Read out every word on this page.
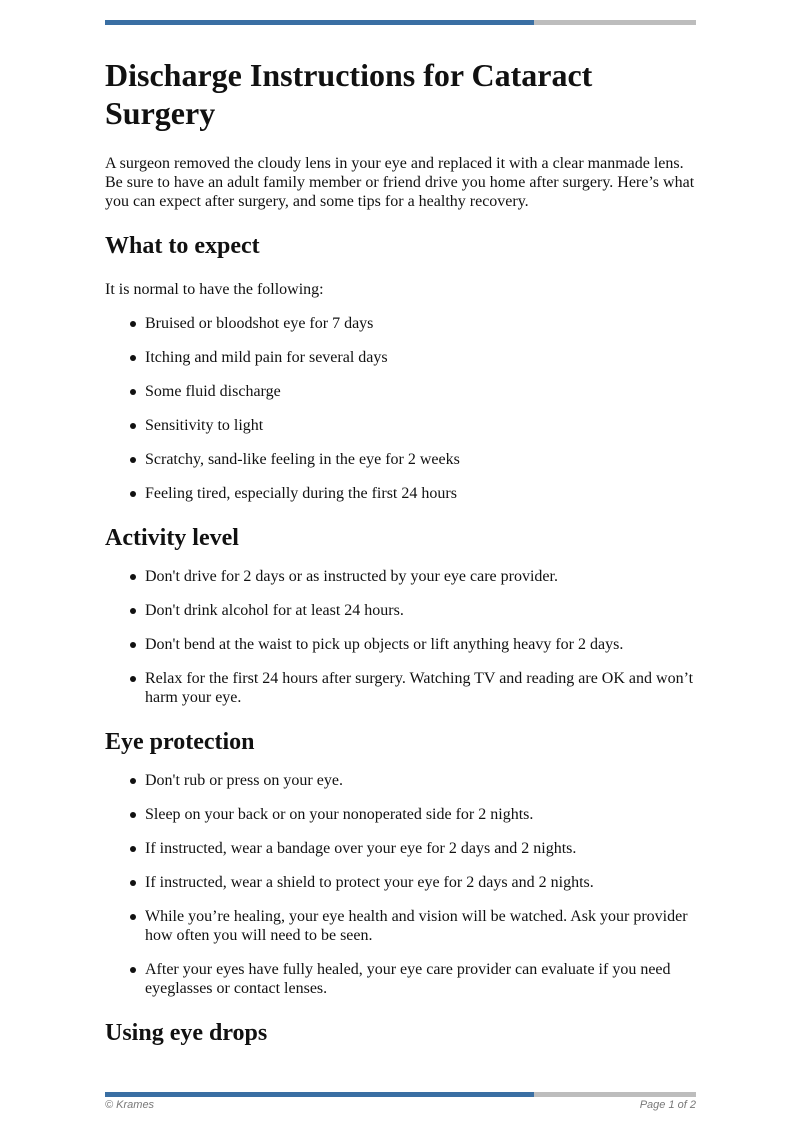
Discharge Instructions for Cataract Surgery

A surgeon removed the cloudy lens in your eye and replaced it with a clear manmade lens. Be sure to have an adult family member or friend drive you home after surgery. Here’s what you can expect after surgery, and some tips for a healthy recovery.

What to expect

It is normal to have the following:

Bruised or bloodshot eye for 7 days
Itching and mild pain for several days
Some fluid discharge
Sensitivity to light
Scratchy, sand-like feeling in the eye for 2 weeks
Feeling tired, especially during the first 24 hours
Activity level
Don't drive for 2 days or as instructed by your eye care provider.
Don't drink alcohol for at least 24 hours.
Don't bend at the waist to pick up objects or lift anything heavy for 2 days.
Relax for the first 24 hours after surgery. Watching TV and reading are OK and won’t harm your eye.
Eye protection
Don't rub or press on your eye.
Sleep on your back or on your nonoperated side for 2 nights.
If instructed, wear a bandage over your eye for 2 days and 2 nights.
If instructed, wear a shield to protect your eye for 2 days and 2 nights.
While you’re healing, your eye health and vision will be watched. Ask your provider how often you will need to be seen.
After your eyes have fully healed, your eye care provider can evaluate if you need eyeglasses or contact lenses.
Using eye drops
© Krames	Page 1 of 2
